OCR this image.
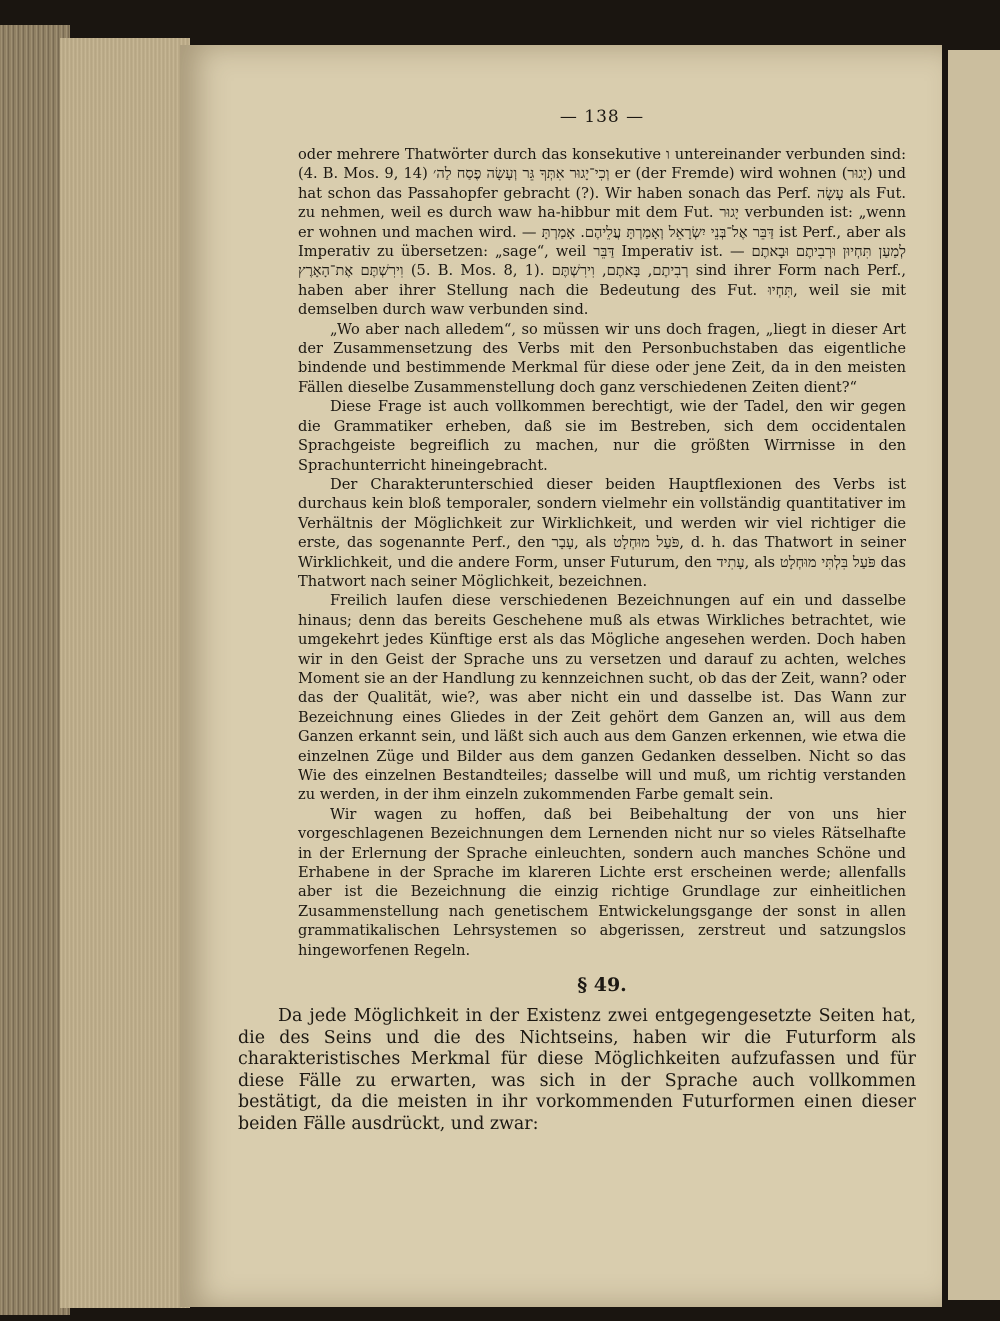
— 138 —

oder mehrere Thatwörter durch das konsekutive ו untereinander verbunden sind: (4. B. Mos. 9, 14) וְכִי־יָגוּר אִתְּךָ גֵּר וְעָשָׂה פֶסַח לַה׳ er (der Fremde) wird wohnen (יָגוּר) und hat schon das Passahopfer gebracht (?). Wir haben sonach das Perf. עָשָׂה als Fut. zu nehmen, weil es durch waw ha-hibbur mit dem Fut. יָגוּר verbunden ist: „wenn er wohnen und machen wird. — דַּבֵּר אֶל־בְּנֵי יִשְׂרָאֵל וְאָמַרְתָּ עֲלֵיהֶם. אָמַרְתָּ ist Perf., aber als Imperativ zu übersetzen: „sage“, weil דַּבֵּר Imperativ ist. — לְמַעַן תִּחְיוּן וּרְבִיתֶם וּבָאתֶם וִירִשְׁתֶּם אֶת־הָאָרֶץ (5. B. Mos. 8, 1). רְבִיתֶם, בָּאתֶם, וִירִשְׁתֶּם sind ihrer Form nach Perf., haben aber ihrer Stellung nach die Bedeutung des Fut. תִּחְיוּ, weil sie mit demselben durch waw verbunden sind.

„Wo aber nach alledem“, so müssen wir uns doch fragen, „liegt in dieser Art der Zusammensetzung des Verbs mit den Personbuchstaben das eigentliche bindende und bestimmende Merkmal für diese oder jene Zeit, da in den meisten Fällen dieselbe Zusammenstellung doch ganz verschiedenen Zeiten dient?“

Diese Frage ist auch vollkommen berechtigt, wie der Tadel, den wir gegen die Grammatiker erheben, daß sie im Bestreben, sich dem occidentalen Sprachgeiste begreiflich zu machen, nur die größten Wirrnisse in den Sprachunterricht hineingebracht.

Der Charakterunterschied dieser beiden Hauptflexionen des Verbs ist durchaus kein bloß temporaler, sondern vielmehr ein vollständig quantitativer im Verhältnis der Möglichkeit zur Wirklichkeit, und werden wir viel richtiger die erste, das sogenannte Perf., den עָבָר, als פֹּעַל מוּחְלָט, d. h. das Thatwort in seiner Wirklichkeit, und die andere Form, unser Futurum, den עָתִיד, als פֹּעַל בִּלְתִּי מוּחְלָט das Thatwort nach seiner Möglichkeit, bezeichnen.

Freilich laufen diese verschiedenen Bezeichnungen auf ein und dasselbe hinaus; denn das bereits Geschehene muß als etwas Wirkliches betrachtet, wie umgekehrt jedes Künftige erst als das Mögliche angesehen werden. Doch haben wir in den Geist der Sprache uns zu versetzen und darauf zu achten, welches Moment sie an der Handlung zu kennzeichnen sucht, ob das der Zeit, wann? oder das der Qualität, wie?, was aber nicht ein und dasselbe ist. Das Wann zur Bezeichnung eines Gliedes in der Zeit gehört dem Ganzen an, will aus dem Ganzen erkannt sein, und läßt sich auch aus dem Ganzen erkennen, wie etwa die einzelnen Züge und Bilder aus dem ganzen Gedanken desselben. Nicht so das Wie des einzelnen Bestandteiles; dasselbe will und muß, um richtig verstanden zu werden, in der ihm einzeln zukommenden Farbe gemalt sein.

Wir wagen zu hoffen, daß bei Beibehaltung der von uns hier vorgeschlagenen Bezeichnungen dem Lernenden nicht nur so vieles Rätselhafte in der Erlernung der Sprache einleuchten, sondern auch manches Schöne und Erhabene in der Sprache im klareren Lichte erst erscheinen werde; allenfalls aber ist die Bezeichnung die einzig richtige Grundlage zur einheitlichen Zusammenstellung nach genetischem Entwickelungsgange der sonst in allen grammatikalischen Lehrsystemen so abgerissen, zerstreut und satzungslos hingeworfenen Regeln.

§ 49.

Da jede Möglichkeit in der Existenz zwei entgegengesetzte Seiten hat, die des Seins und die des Nichtseins, haben wir die Futurform als charakteristisches Merkmal für diese Möglichkeiten aufzufassen und für diese Fälle zu erwarten, was sich in der Sprache auch vollkommen bestätigt, da die meisten in ihr vorkommenden Futurformen einen dieser beiden Fälle ausdrückt, und zwar:
